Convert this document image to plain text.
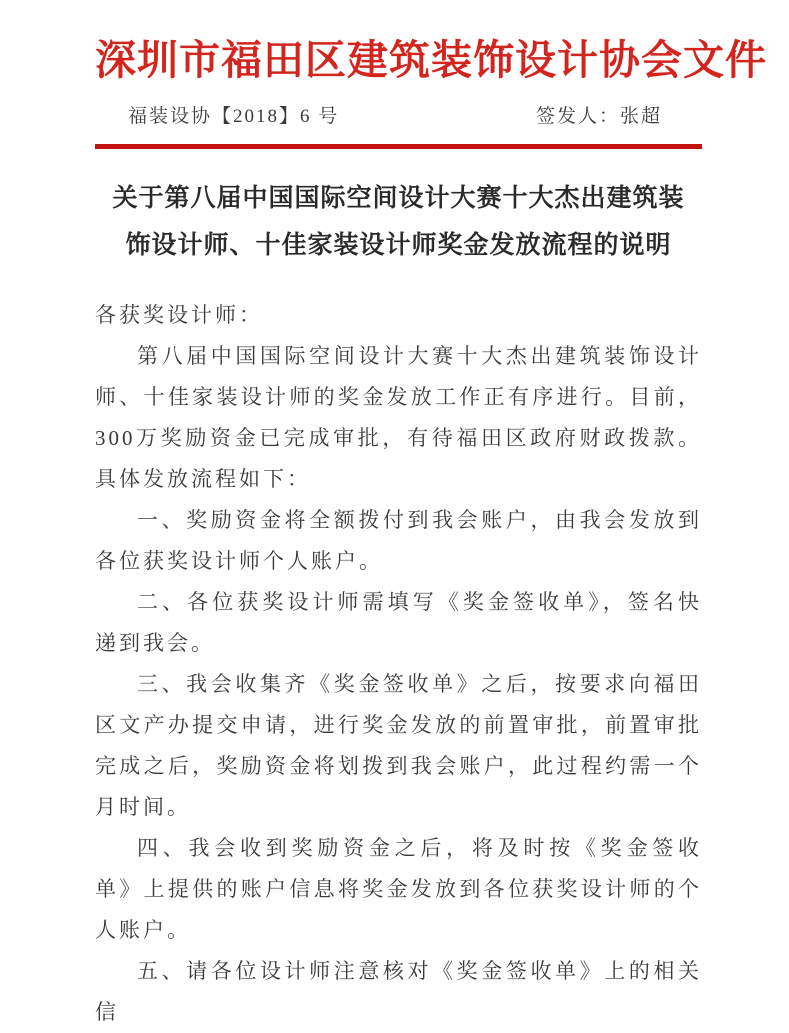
深圳市福田区建筑装饰设计协会文件
福装设协【2018】6 号	签发人：张超
关于第八届中国国际空间设计大赛十大杰出建筑装
饰设计师、十佳家装设计师奖金发放流程的说明

各获奖设计师：

第八届中国国际空间设计大赛十大杰出建筑装饰设计师、十佳家装设计师的奖金发放工作正有序进行。目前，300万奖励资金已完成审批，有待福田区政府财政拨款。具体发放流程如下：

一、奖励资金将全额拨付到我会账户，由我会发放到各位获奖设计师个人账户。

二、各位获奖设计师需填写《奖金签收单》，签名快递到我会。

三、我会收集齐《奖金签收单》之后，按要求向福田区文产办提交申请，进行奖金发放的前置审批，前置审批完成之后，奖励资金将划拨到我会账户，此过程约需一个月时间。

四、我会收到奖励资金之后，将及时按《奖金签收单》上提供的账户信息将奖金发放到各位获奖设计师的个人账户。

五、请各位设计师注意核对《奖金签收单》上的相关信
